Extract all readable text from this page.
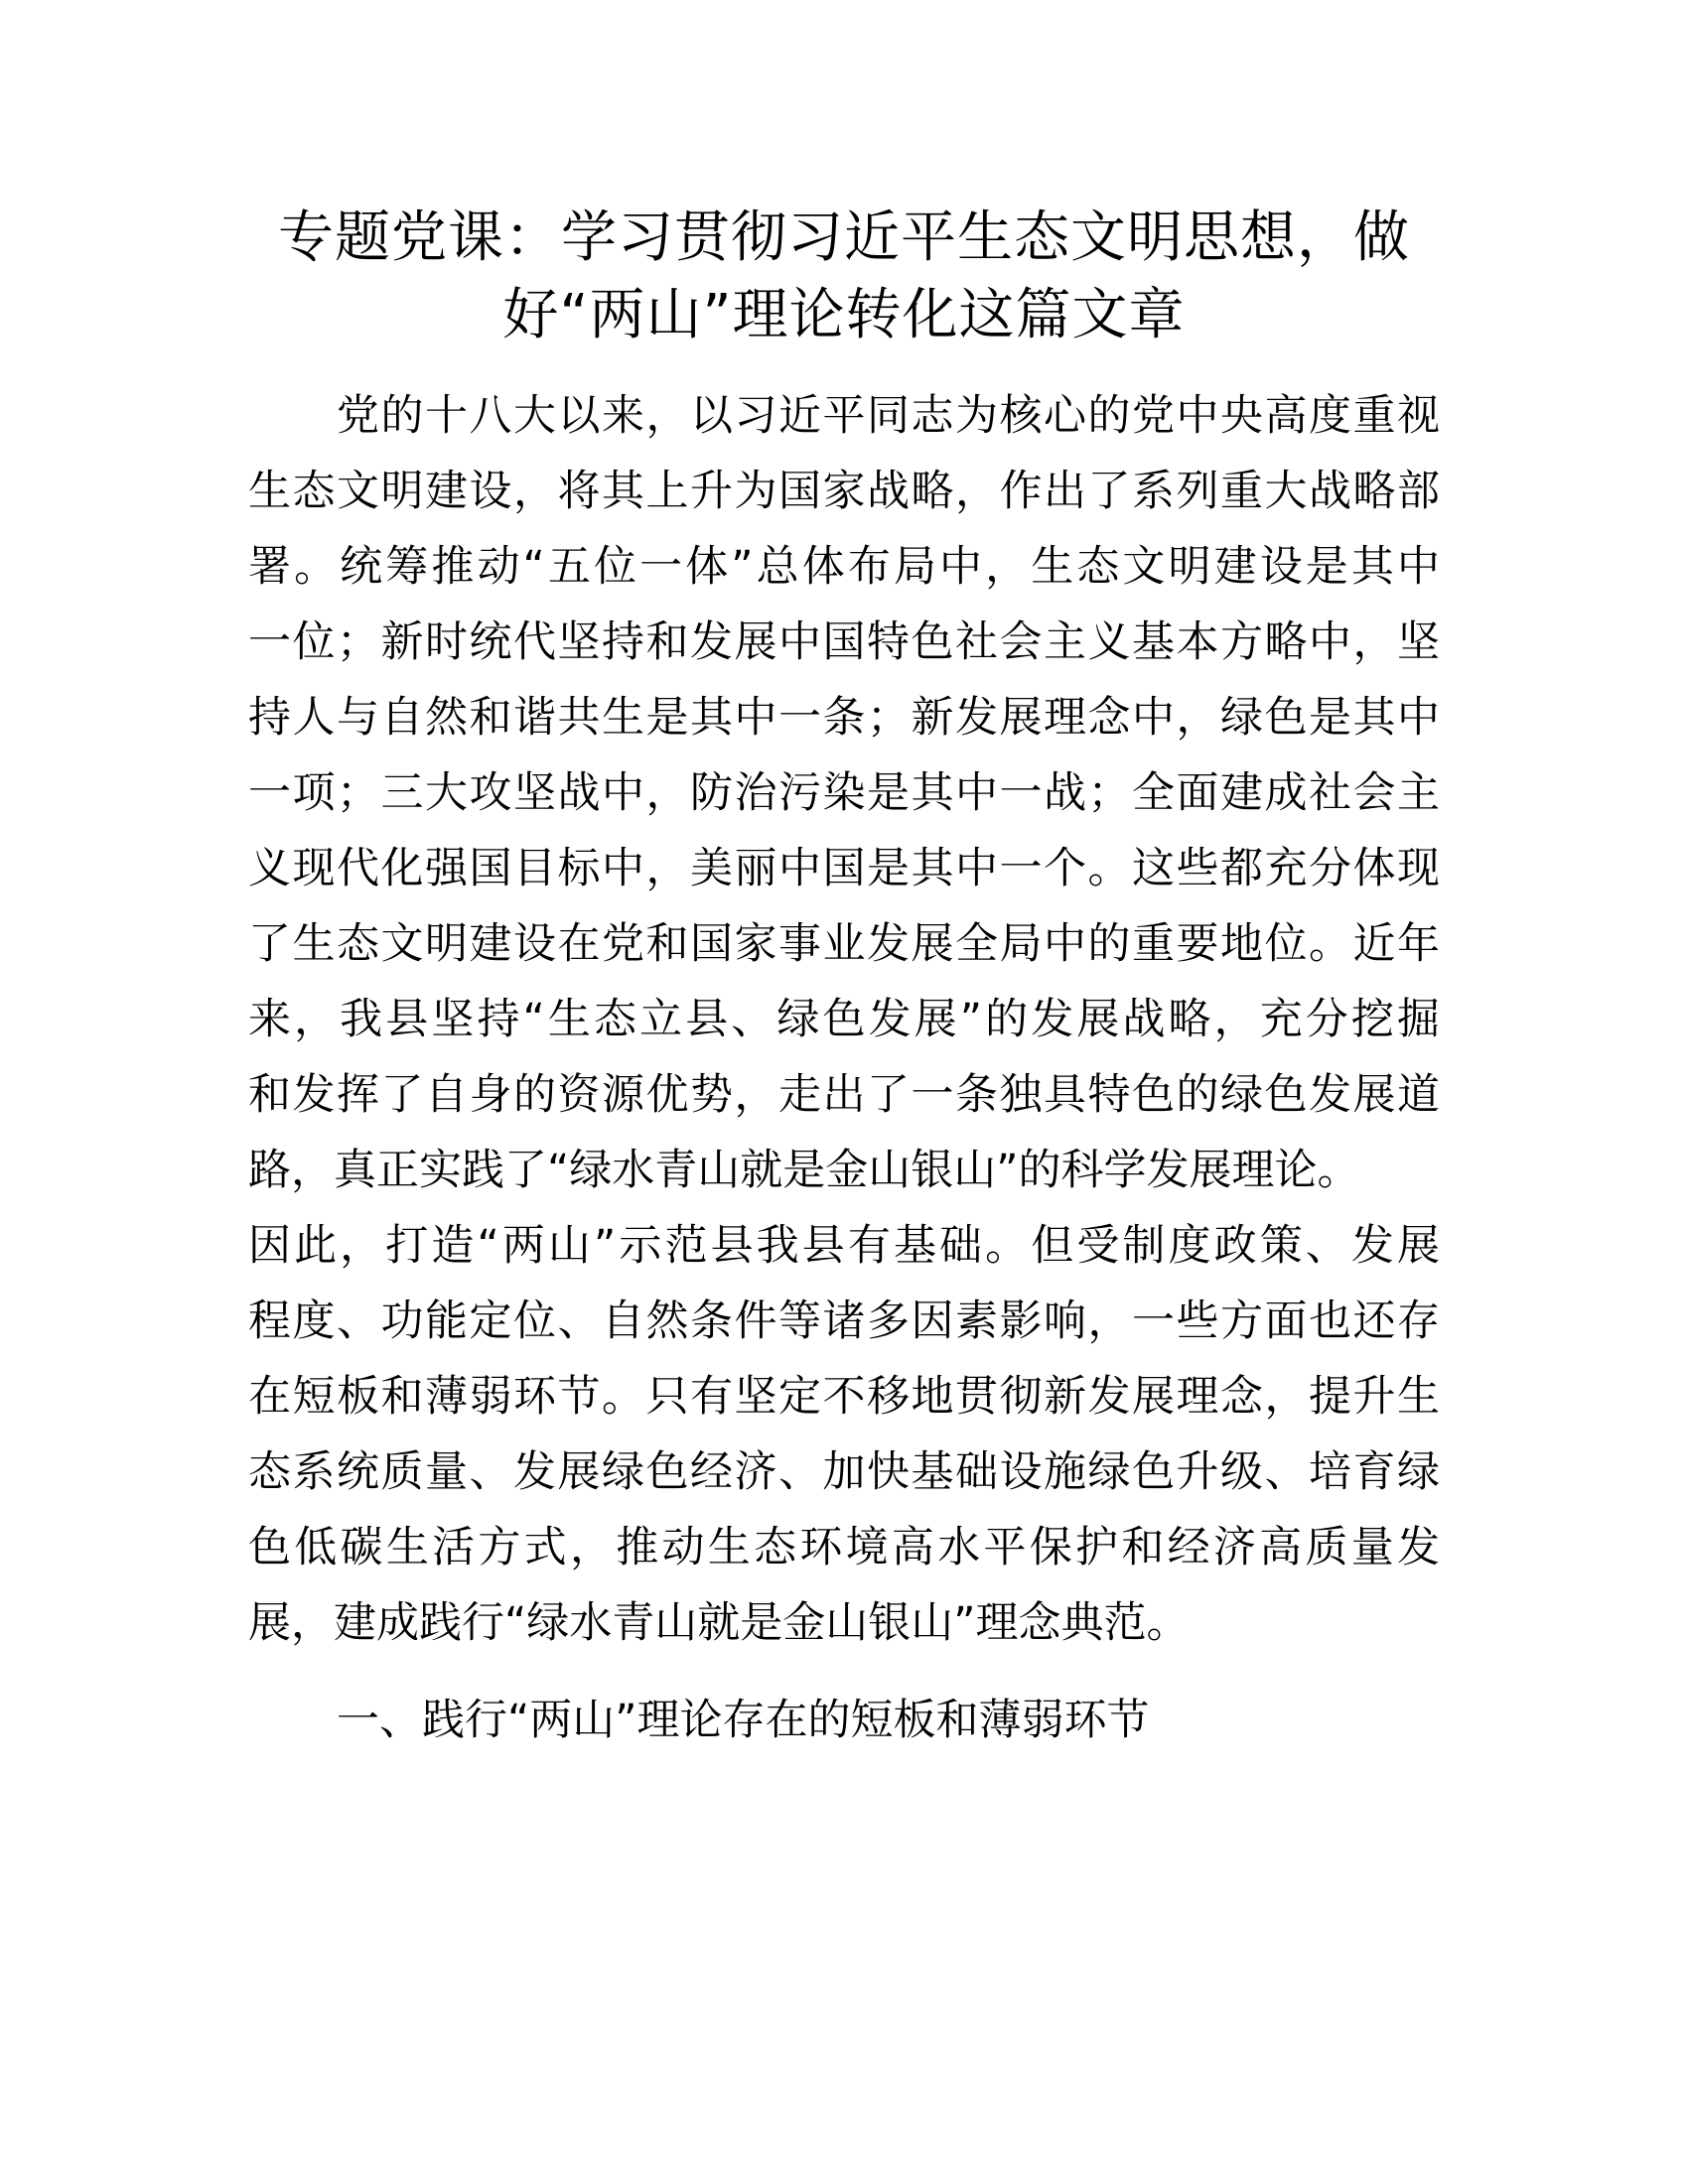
专题党课：学习贯彻习近平生态文明思想，做
好“两山”理论转化这篇文章
党的十八大以来，以习近平同志为核心的党中央高度重视
生态文明建设，将其上升为国家战略，作出了系列重大战略部
署。统筹推动“五位一体”总体布局中，生态文明建设是其中
一位；新时统代坚持和发展中国特色社会主义基本方略中，坚
持人与自然和谐共生是其中一条；新发展理念中，绿色是其中
一项；三大攻坚战中，防治污染是其中一战；全面建成社会主
义现代化强国目标中，美丽中国是其中一个。这些都充分体现
了生态文明建设在党和国家事业发展全局中的重要地位。近年
来，我县坚持“生态立县、绿色发展”的发展战略，充分挖掘
和发挥了自身的资源优势，走出了一条独具特色的绿色发展道
路，真正实践了“绿水青山就是金山银山”的科学发展理论。
因此，打造“两山”示范县我县有基础。但受制度政策、发展
程度、功能定位、自然条件等诸多因素影响，一些方面也还存
在短板和薄弱环节。只有坚定不移地贯彻新发展理念，提升生
态系统质量、发展绿色经济、加快基础设施绿色升级、培育绿
色低碳生活方式，推动生态环境高水平保护和经济高质量发
展，建成践行“绿水青山就是金山银山”理念典范。
一、践行“两山”理论存在的短板和薄弱环节
